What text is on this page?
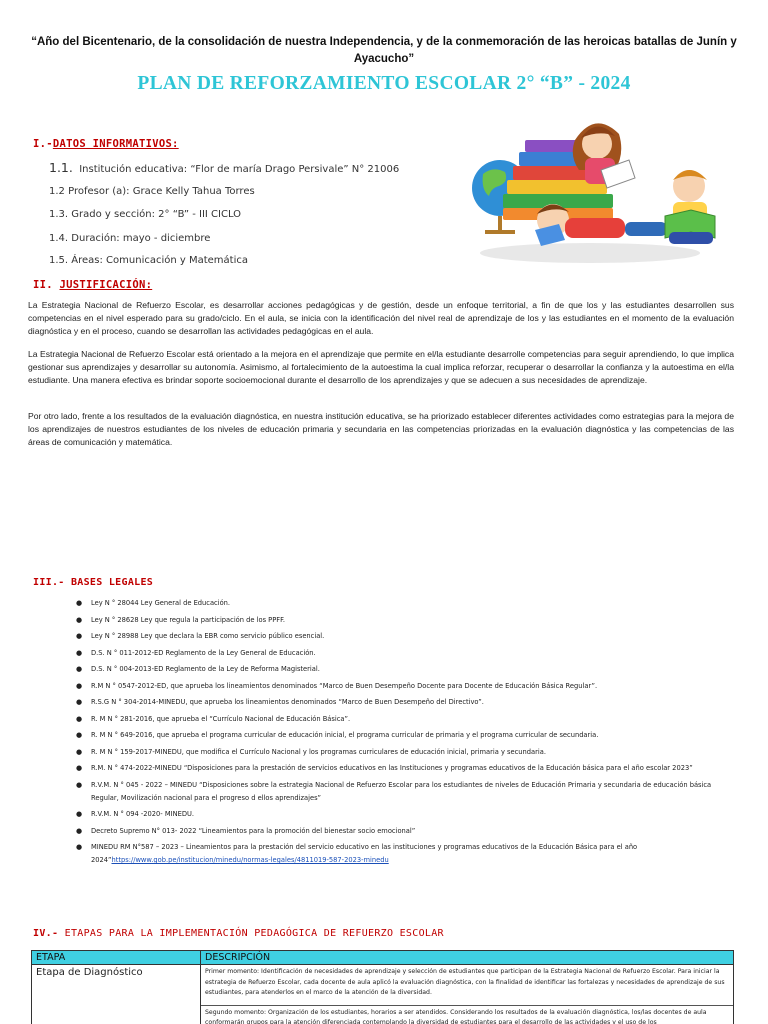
“Año del Bicentenario, de la consolidación de nuestra Independencia, y de la conmemoración de las heroicas batallas de Junín y Ayacucho”
PLAN DE REFORZAMIENTO ESCOLAR 2° “B” - 2024
I.-DATOS INFORMATIVOS:
1.1. Institución educativa: “Flor de maría Drago Persivale” N° 21006
1.2 Profesor (a): Grace Kelly Tahua Torres
1.3. Grado y sección: 2° “B” - III CICLO
1.4. Duración: mayo - diciembre
1.5. Áreas: Comunicación y Matemática
II. JUSTIFICACIÓN:

La Estrategia Nacional de Refuerzo Escolar, es desarrollar acciones pedagógicas y de gestión, desde un enfoque territorial, a fin de que los y las estudiantes desarrollen sus competencias en el nivel esperado para su grado/ciclo. En el aula, se inicia con la identificación del nivel real de aprendizaje de los y las estudiantes en el momento de la evaluación diagnóstica y en el proceso, cuando se desarrollan las actividades pedagógicas en el aula.

La Estrategia Nacional de Refuerzo Escolar está orientado a la mejora en el aprendizaje que permite en el/la estudiante desarrolle competencias para seguir aprendiendo, lo que implica gestionar sus aprendizajes y desarrollar su autonomía. Asimismo, al fortalecimiento de la autoestima la cual implica reforzar, recuperar o desarrollar la confianza y la autoestima en el/la estudiante. Una manera efectiva es brindar soporte socioemocional durante el desarrollo de los aprendizajes y que se adecuen a sus necesidades de aprendizaje.

Por otro lado, frente a los resultados de la evaluación diagnóstica, en nuestra institución educativa, se ha priorizado establecer diferentes actividades como estrategias para la mejora de los aprendizajes de nuestros estudiantes de los niveles de educación primaria y secundaria en las competencias priorizadas en la evaluación diagnóstica y las competencias de las áreas de comunicación y matemática.

III.- BASES LEGALES
● Ley N ° 28044 Ley General de Educación.
● Ley N ° 28628 Ley que regula la participación de los PPFF.
● Ley N ° 28988 Ley que declara la EBR como servicio público esencial.
● D.S. N ° 011-2012-ED Reglamento de la Ley General de Educación.
● D.S. N ° 004-2013-ED Reglamento de la Ley de Reforma Magisterial.
● R.M N ° 0547-2012-ED, que aprueba los lineamientos denominados “Marco de Buen Desempeño Docente para Docente de Educación Básica Regular”.
● R.S.G N ° 304-2014-MINEDU, que aprueba los lineamientos denominados “Marco de Buen Desempeño del Directivo”.
● R. M N ° 281-2016, que aprueba el “Currículo Nacional de Educación Básica”.
● R. M N ° 649-2016, que aprueba el programa curricular de educación inicial, el programa curricular de primaria y el programa curricular de secundaria.
● R. M N ° 159-2017-MINEDU, que modifica el Currículo Nacional y los programas curriculares de educación inicial, primaria y secundaria.
● R.M. N ° 474-2022-MINEDU “Disposiciones para la prestación de servicios educativos en las Instituciones y programas educativos de la Educación básica para el año escolar 2023”
● R.V.M. N ° 045 - 2022 – MINEDU “Disposiciones sobre la estrategia Nacional de Refuerzo Escolar para los estudiantes de niveles de Educación Primaria y secundaria de educación básica Regular, Movilización nacional para el progreso d ellos aprendizajes”
● R.V.M. N ° 094 -2020- MINEDU.
● Decreto Supremo N° 013- 2022 “Lineamientos para la promoción del bienestar socio emocional”
● MINEDU RM N°587 – 2023 – Lineamientos para la prestación del servicio educativo en las instituciones y programas educativos de la Educación Básica para el año 2024”https://www.gob.pe/institucion/minedu/normas-legales/4811019-587-2023-minedu
IV.- ETAPAS PARA LA IMPLEMENTACIÓN PEDAGÓGICA DE REFUERZO ESCOLAR
ETAPA	DESCRIPCIÓN
Etapa de Diagnóstico	Primer momento: Identificación de necesidades de aprendizaje y selección de estudiantes que participan de la Estrategia Nacional de Refuerzo Escolar. Para iniciar la estrategia de Refuerzo Escolar, cada docente de aula aplicó la evaluación diagnóstica, con la finalidad de identificar las fortalezas y necesidades de aprendizaje de sus estudiantes, para atenderlos en el marco de la atención de la diversidad.
Segundo momento: Organización de los estudiantes, horarios a ser atendidos. Considerando los resultados de la evaluación diagnóstica, los/las docentes de aula conformarán grupos para la atención diferenciada contemplando la diversidad de estudiantes para el desarrollo de las actividades y el uso de los
